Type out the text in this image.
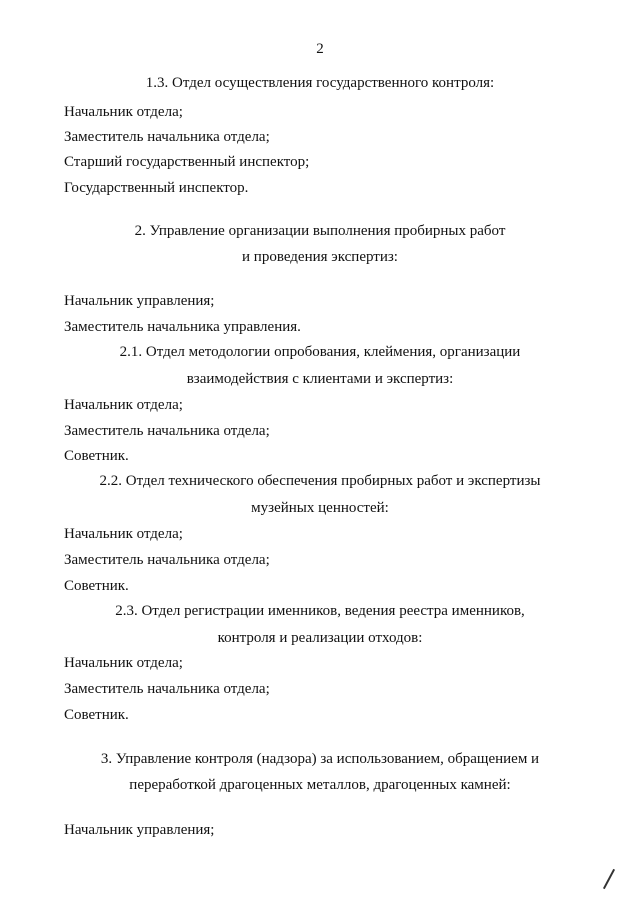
2
1.3. Отдел осуществления государственного контроля:
Начальник отдела;
Заместитель начальника отдела;
Старший государственный инспектор;
Государственный инспектор.
2. Управление организации выполнения пробирных работ
и проведения экспертиз:
Начальник управления;
Заместитель начальника управления.
2.1. Отдел методологии опробования, клеймения, организации
взаимодействия с клиентами и экспертиз:
Начальник отдела;
Заместитель начальника отдела;
Советник.
2.2. Отдел технического обеспечения пробирных работ и экспертизы
музейных ценностей:
Начальник отдела;
Заместитель начальника отдела;
Советник.
2.3. Отдел регистрации именников, ведения реестра именников,
контроля и реализации отходов:
Начальник отдела;
Заместитель начальника отдела;
Советник.
3. Управление контроля (надзора) за использованием, обращением и
переработкой драгоценных металлов, драгоценных камней:
Начальник управления;
